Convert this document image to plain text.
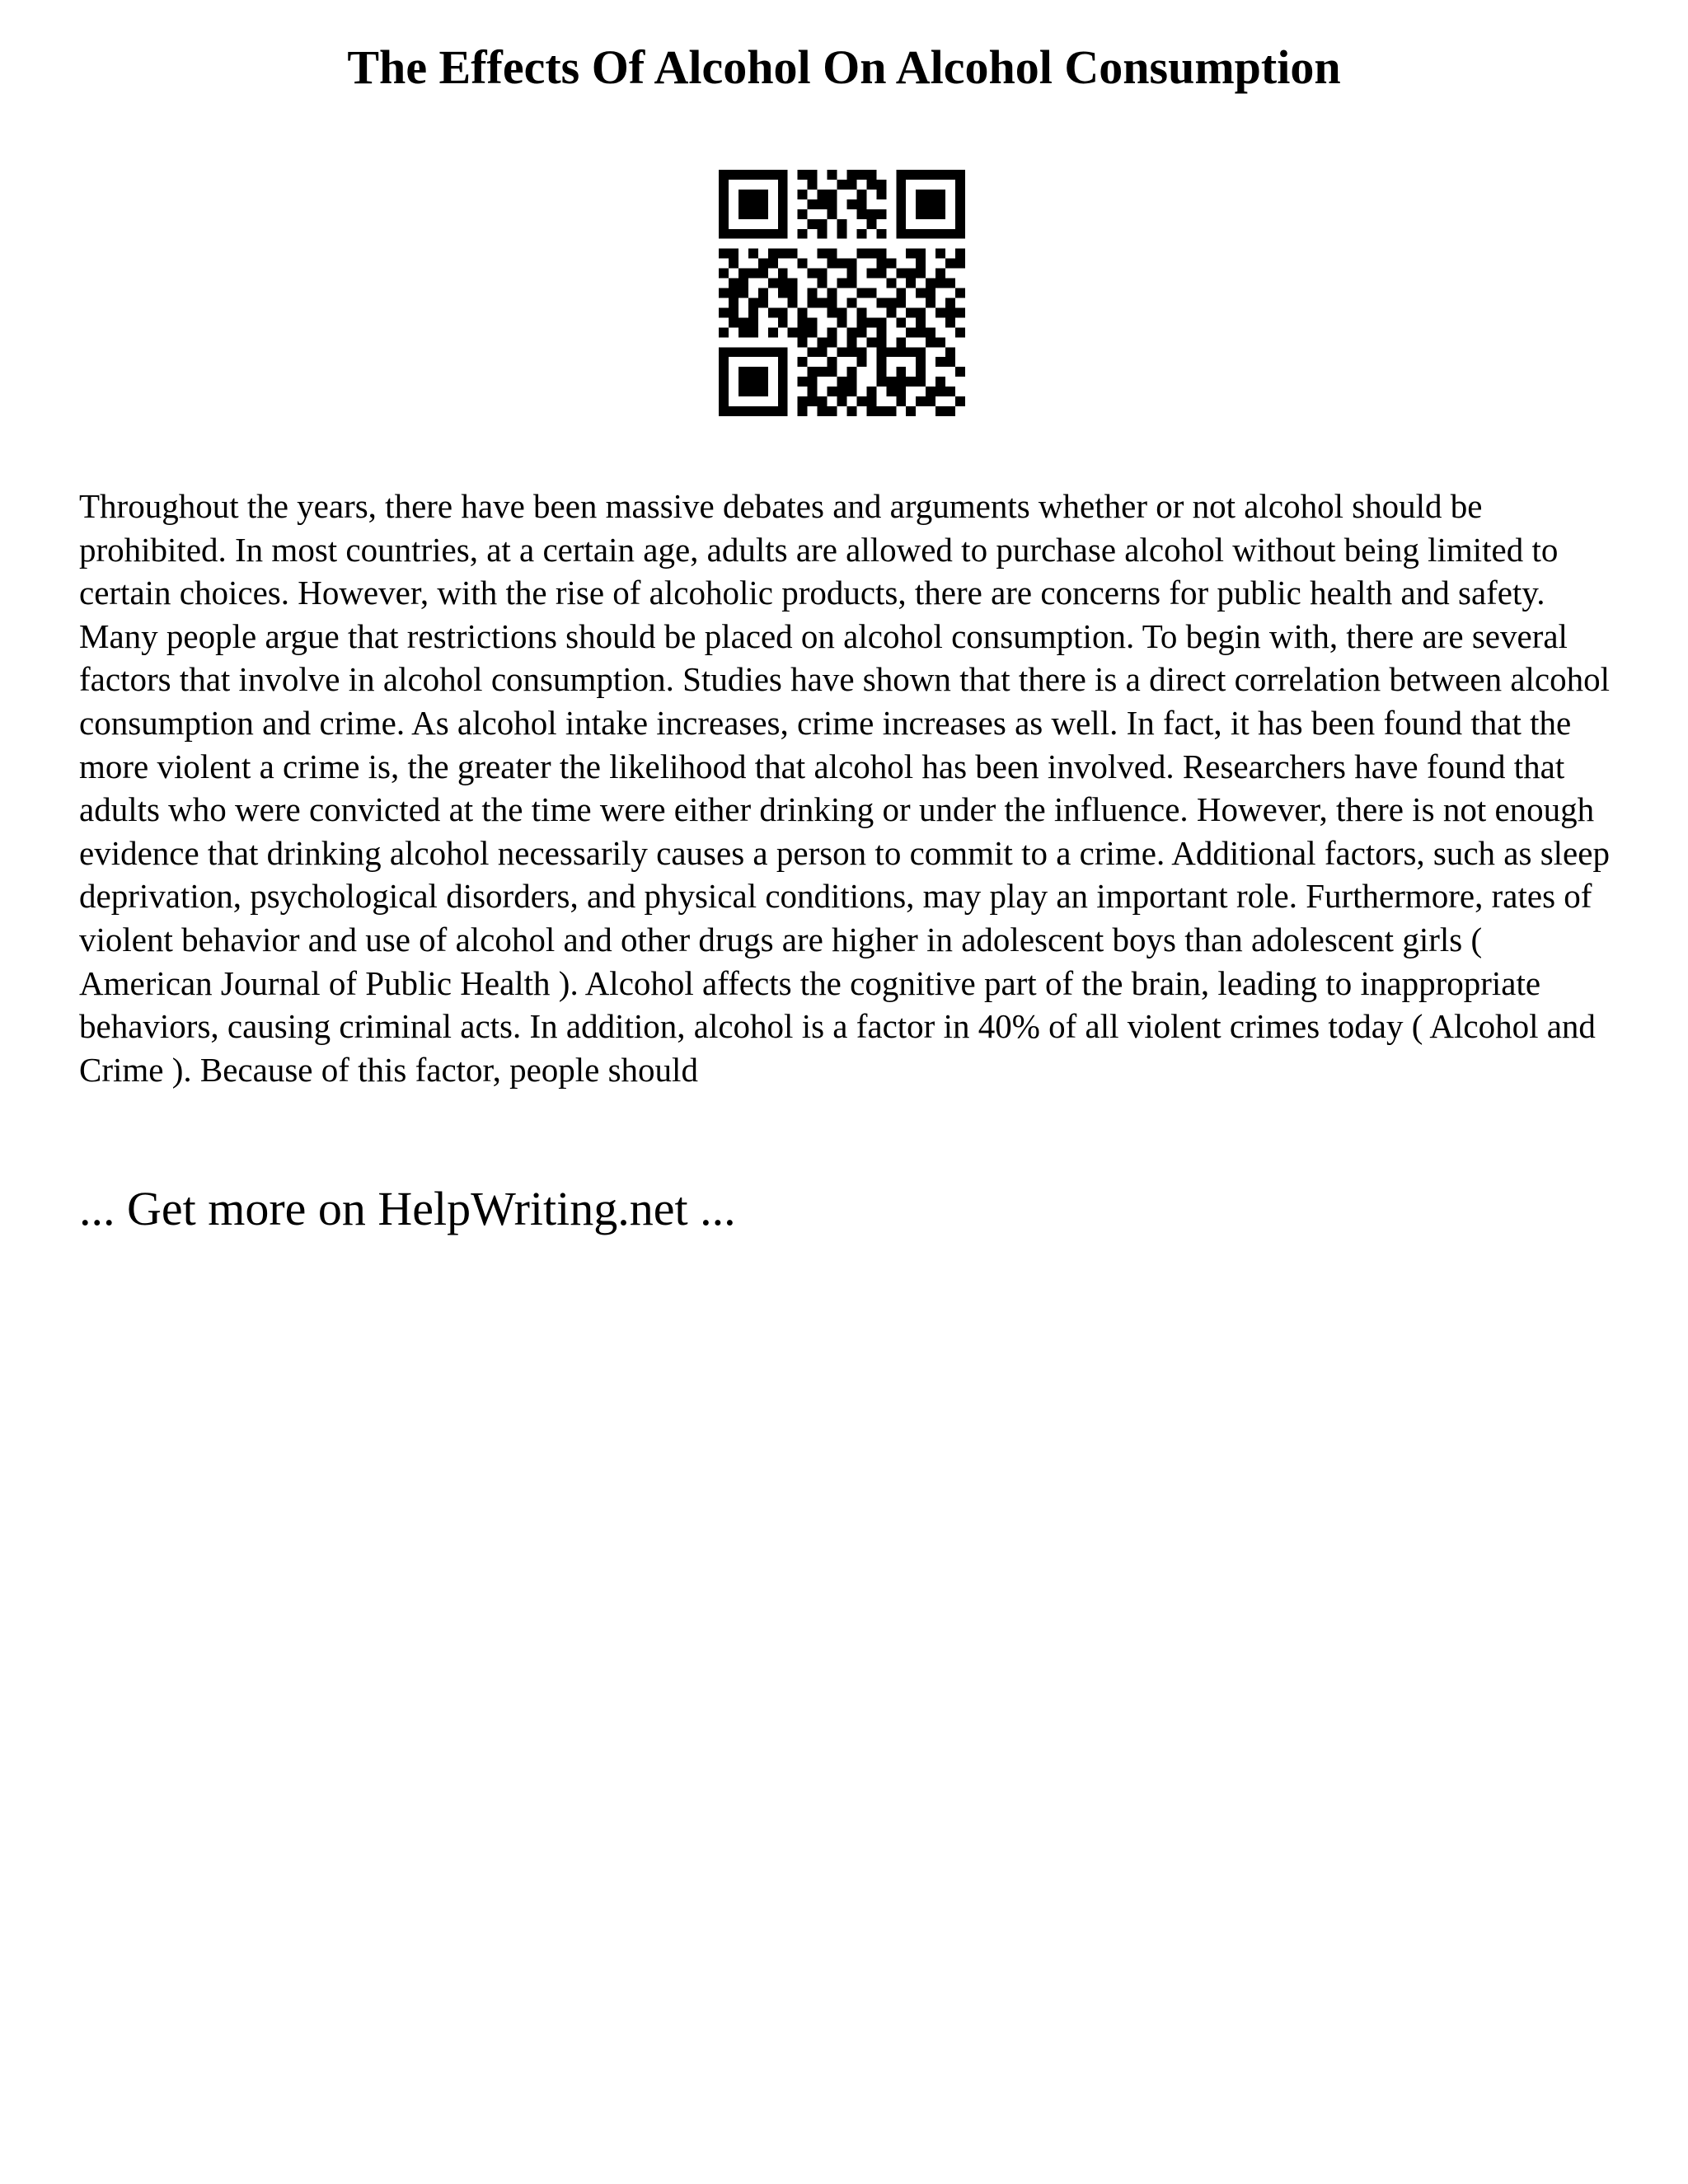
The Effects Of Alcohol On Alcohol Consumption

Throughout the years, there have been massive debates and arguments whether or not alcohol should be prohibited. In most countries, at a certain age, adults are allowed to purchase alcohol without being limited to certain choices. However, with the rise of alcoholic products, there are concerns for public health and safety. Many people argue that restrictions should be placed on alcohol consumption. To begin with, there are several factors that involve in alcohol consumption. Studies have shown that there is a direct correlation between alcohol consumption and crime. As alcohol intake increases, crime increases as well. In fact, it has been found that the more violent a crime is, the greater the likelihood that alcohol has been involved. Researchers have found that adults who were convicted at the time were either drinking or under the influence. However, there is not enough evidence that drinking alcohol necessarily causes a person to commit to a crime. Additional factors, such as sleep deprivation, psychological disorders, and physical conditions, may play an important role. Furthermore, rates of violent behavior and use of alcohol and other drugs are higher in adolescent boys than adolescent girls ( American Journal of Public Health ). Alcohol affects the cognitive part of the brain, leading to inappropriate behaviors, causing criminal acts. In addition, alcohol is a factor in 40% of all violent crimes today ( Alcohol and Crime ). Because of this factor, people should

... Get more on HelpWriting.net ...
